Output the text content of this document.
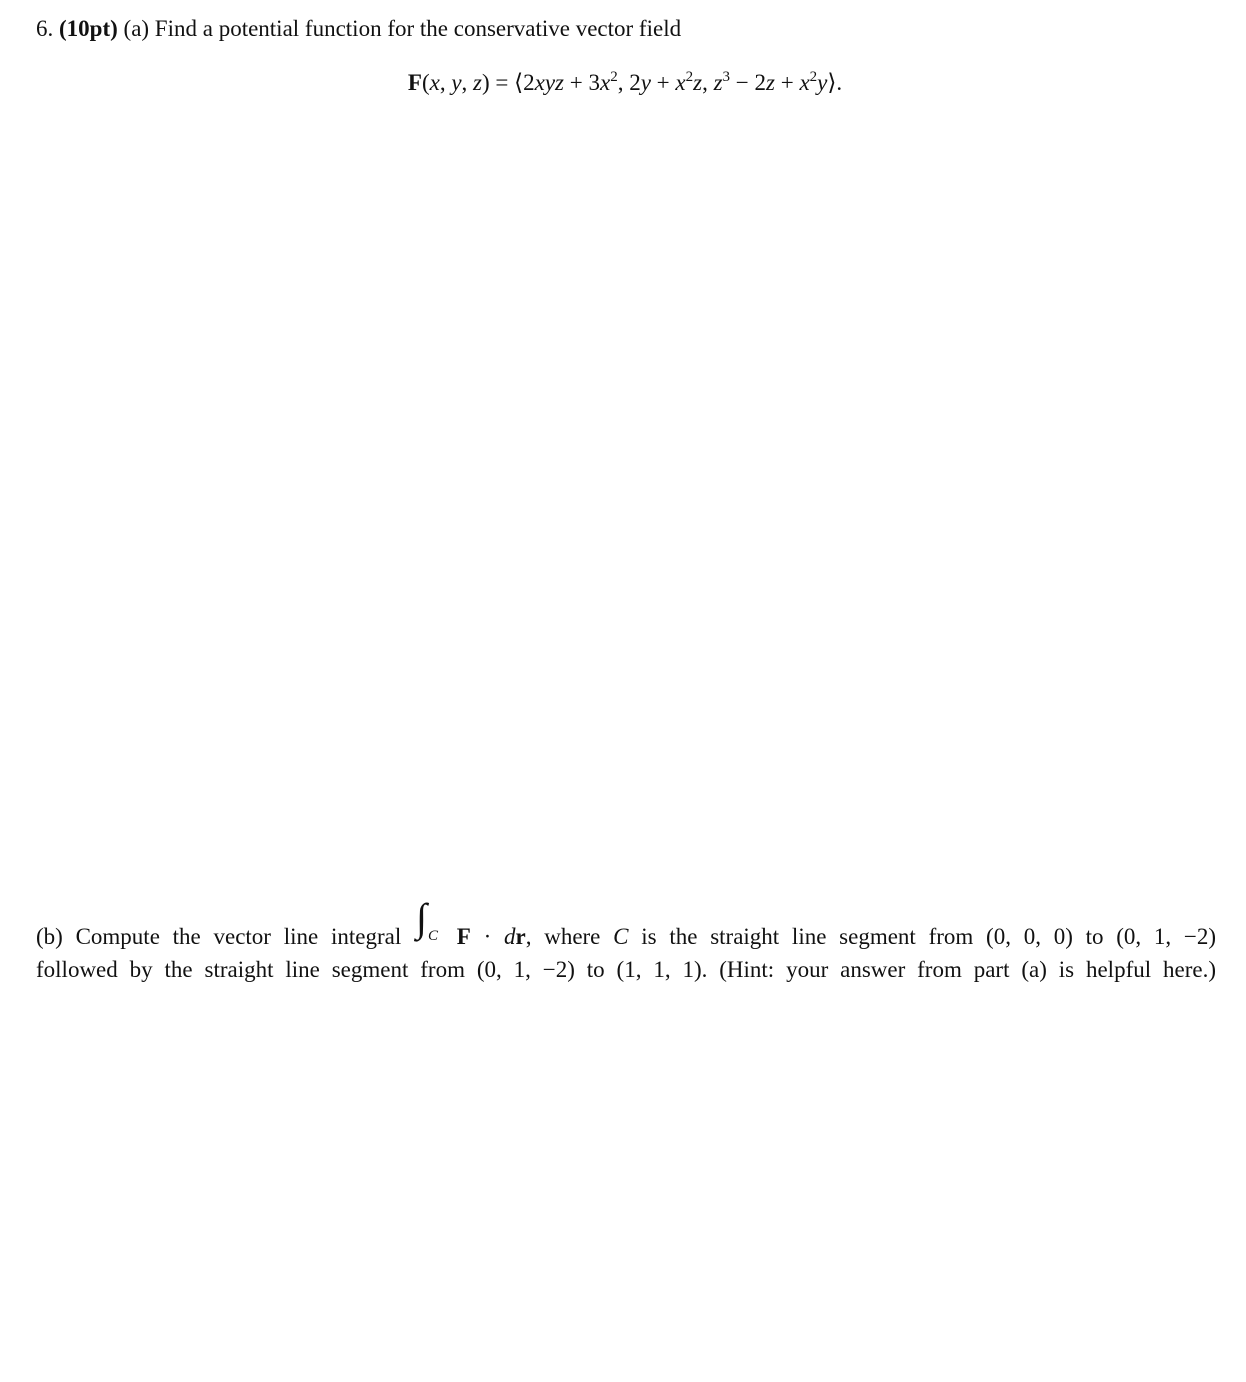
6. (10pt) (a) Find a potential function for the conservative vector field
F(x, y, z) = ⟨2xyz + $3x^2$, $2y + x^2z$, $z^3 - 2z$ + $x^2y⟩$.
(b) Compute the vector line integral ∫ C F · dr, where C is the straight line segment from (0, 0, 0) to (0, 1, −2)
followed by the straight line segment from (0, 1, −2) to (1, 1, 1). (Hint: your answer from part (a) is helpful here.)
